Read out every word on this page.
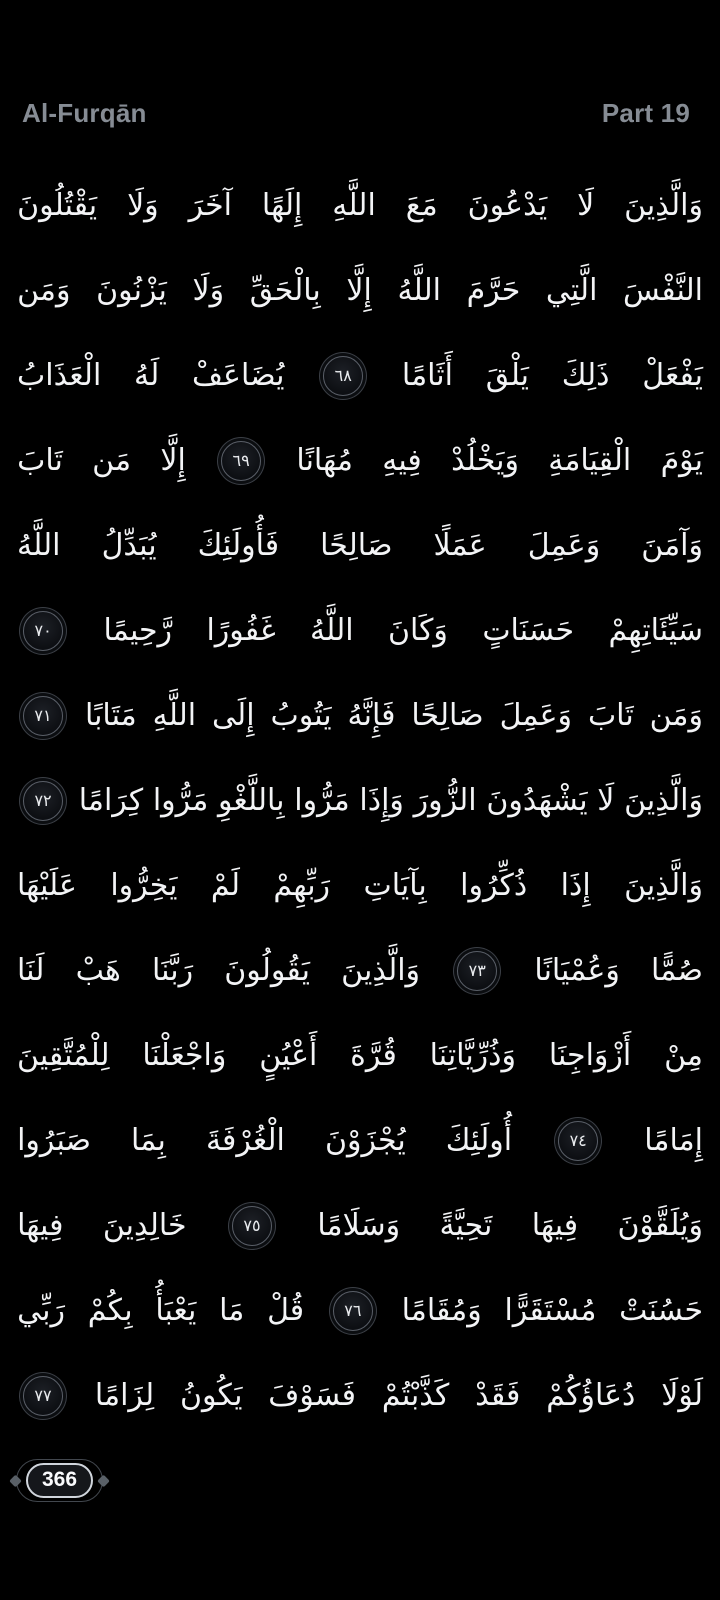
Al-Furqān	Part 19
وَالَّذِينَ
لَا
يَدْعُونَ
مَعَ
اللَّهِ
إِلَهًا
آخَرَ
وَلَا
يَقْتُلُونَ
النَّفْسَ
الَّتِي
حَرَّمَ
اللَّهُ
إِلَّا
بِالْحَقِّ
وَلَا
يَزْنُونَ
وَمَن
يَفْعَلْ
ذَلِكَ
يَلْقَ
أَثَامًا
٦٨
يُضَاعَفْ
لَهُ
الْعَذَابُ
يَوْمَ
الْقِيَامَةِ
وَيَخْلُدْ
فِيهِ
مُهَانًا
٦٩
إِلَّا
مَن
تَابَ
وَآمَنَ
وَعَمِلَ
عَمَلًا
صَالِحًا
فَأُولَئِكَ
يُبَدِّلُ
اللَّهُ
سَيِّئَاتِهِمْ
حَسَنَاتٍ
وَكَانَ
اللَّهُ
غَفُورًا
رَّحِيمًا
٧٠
وَمَن
تَابَ
وَعَمِلَ
صَالِحًا
فَإِنَّهُ
يَتُوبُ
إِلَى
اللَّهِ
مَتَابًا
٧١
وَالَّذِينَ
لَا
يَشْهَدُونَ
الزُّورَ
وَإِذَا
مَرُّوا
بِاللَّغْوِ
مَرُّوا
كِرَامًا
٧٢
وَالَّذِينَ
إِذَا
ذُكِّرُوا
بِآيَاتِ
رَبِّهِمْ
لَمْ
يَخِرُّوا
عَلَيْهَا
صُمًّا
وَعُمْيَانًا
٧٣
وَالَّذِينَ
يَقُولُونَ
رَبَّنَا
هَبْ
لَنَا
مِنْ
أَزْوَاجِنَا
وَذُرِّيَّاتِنَا
قُرَّةَ
أَعْيُنٍ
وَاجْعَلْنَا
لِلْمُتَّقِينَ
إِمَامًا
٧٤
أُولَئِكَ
يُجْزَوْنَ
الْغُرْفَةَ
بِمَا
صَبَرُوا
وَيُلَقَّوْنَ
فِيهَا
تَحِيَّةً
وَسَلَامًا
٧٥
خَالِدِينَ
فِيهَا
حَسُنَتْ
مُسْتَقَرًّا
وَمُقَامًا
٧٦
قُلْ
مَا
يَعْبَأُ
بِكُمْ
رَبِّي
لَوْلَا
دُعَاؤُكُمْ
فَقَدْ
كَذَّبْتُمْ
فَسَوْفَ
يَكُونُ
لِزَامًا
٧٧
366
